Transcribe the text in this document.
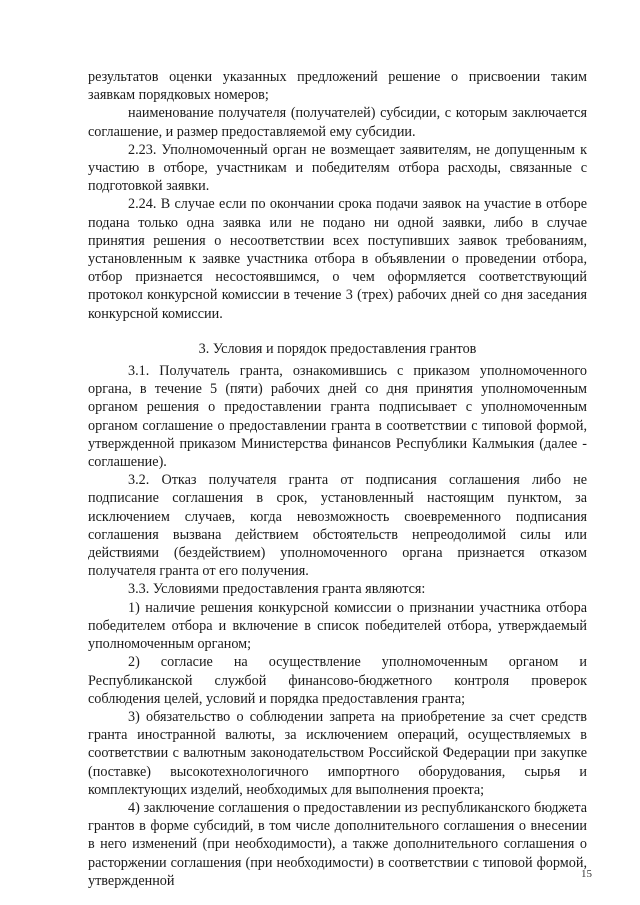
результатов оценки указанных предложений решение о присвоении таким заявкам порядковых номеров;

наименование получателя (получателей) субсидии, с которым заключается соглашение, и размер предоставляемой ему субсидии.

2.23. Уполномоченный орган не возмещает заявителям, не допущенным к участию в отборе, участникам и победителям отбора расходы, связанные с подготовкой заявки.

2.24. В случае если по окончании срока подачи заявок на участие в отборе подана только одна заявка или не подано ни одной заявки, либо в случае принятия решения о несоответствии всех поступивших заявок требованиям, установленным к заявке участника отбора в объявлении о проведении отбора, отбор признается несостоявшимся, о чем оформляется соответствующий протокол конкурсной комиссии в течение 3 (трех) рабочих дней со дня заседания конкурсной комиссии.

3. Условия и порядок предоставления грантов

3.1. Получатель гранта, ознакомившись с приказом уполномоченного органа, в течение 5 (пяти) рабочих дней со дня принятия уполномоченным органом решения о предоставлении гранта подписывает с уполномоченным органом соглашение о предоставлении гранта в соответствии с типовой формой, утвержденной приказом Министерства финансов Республики Калмыкия (далее - соглашение).

3.2. Отказ получателя гранта от подписания соглашения либо не подписание соглашения в срок, установленный настоящим пунктом, за исключением случаев, когда невозможность своевременного подписания соглашения вызвана действием обстоятельств непреодолимой силы или действиями (бездействием) уполномоченного органа признается отказом получателя гранта от его получения.

3.3. Условиями предоставления гранта являются:

1) наличие решения конкурсной комиссии о признании участника отбора победителем отбора и включение в список победителей отбора, утверждаемый уполномоченным органом;

2) согласие на осуществление уполномоченным органом и Республиканской службой финансово-бюджетного контроля проверок соблюдения целей, условий и порядка предоставления гранта;

3) обязательство о соблюдении запрета на приобретение за счет средств гранта иностранной валюты, за исключением операций, осуществляемых в соответствии с валютным законодательством Российской Федерации при закупке (поставке) высокотехнологичного импортного оборудования, сырья и комплектующих изделий, необходимых для выполнения проекта;

4) заключение соглашения о предоставлении из республиканского бюджета грантов в форме субсидий, в том числе дополнительного соглашения о внесении в него изменений (при необходимости), а также дополнительного соглашения о расторжении соглашения (при необходимости) в соответствии с типовой формой, утвержденной	15
